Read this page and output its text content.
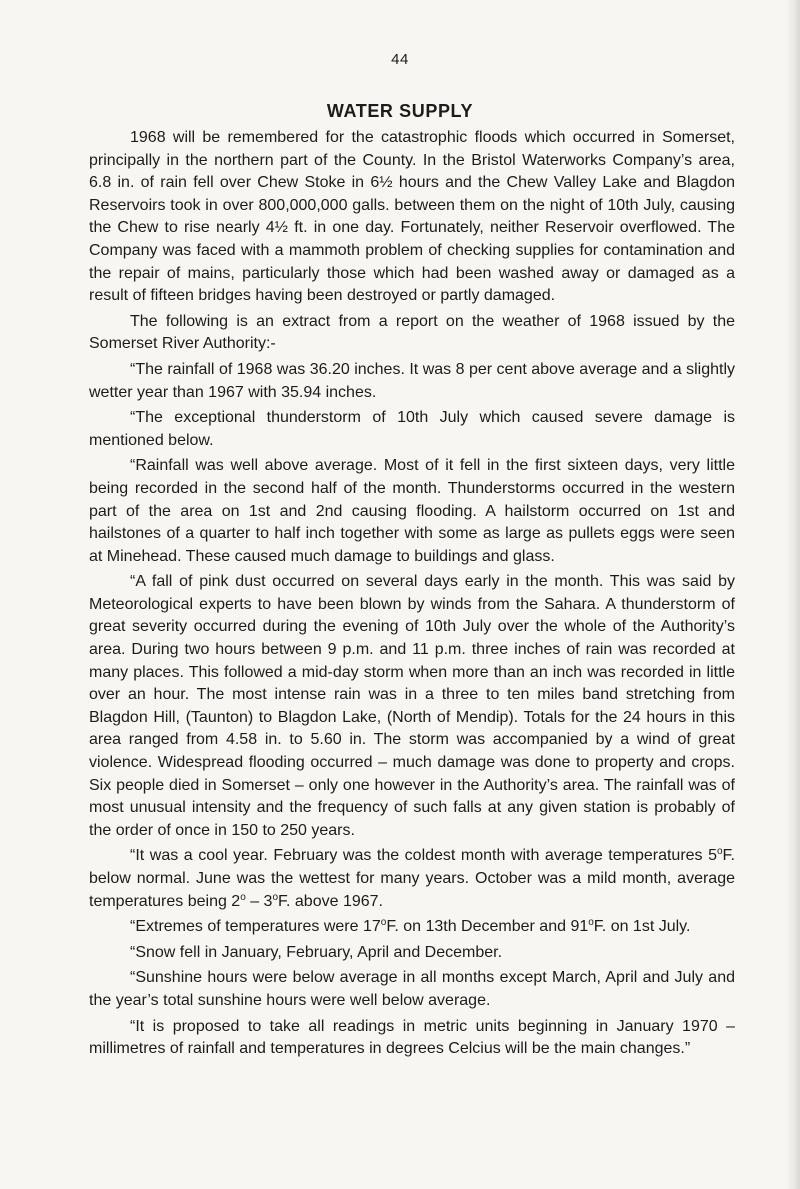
44
WATER SUPPLY

1968 will be remembered for the catastrophic floods which occurred in Somerset, principally in the northern part of the County. In the Bristol Waterworks Company’s area, 6.8 in. of rain fell over Chew Stoke in 6½ hours and the Chew Valley Lake and Blagdon Reservoirs took in over 800,000,000 galls. between them on the night of 10th July, causing the Chew to rise nearly 4½ ft. in one day. Fortunately, neither Reservoir overflowed. The Company was faced with a mammoth problem of checking supplies for contamination and the repair of mains, particularly those which had been washed away or damaged as a result of fifteen bridges having been destroyed or partly damaged.

The following is an extract from a report on the weather of 1968 issued by the Somerset River Authority:-

“The rainfall of 1968 was 36.20 inches. It was 8 per cent above average and a slightly wetter year than 1967 with 35.94 inches.

“The exceptional thunderstorm of 10th July which caused severe damage is mentioned below.

“Rainfall was well above average. Most of it fell in the first sixteen days, very little being recorded in the second half of the month. Thunderstorms occurred in the western part of the area on 1st and 2nd causing flooding. A hailstorm occurred on 1st and hailstones of a quarter to half inch together with some as large as pullets eggs were seen at Minehead. These caused much damage to buildings and glass.

“A fall of pink dust occurred on several days early in the month. This was said by Meteorological experts to have been blown by winds from the Sahara. A thunderstorm of great severity occurred during the evening of 10th July over the whole of the Authority’s area. During two hours between 9 p.m. and 11 p.m. three inches of rain was recorded at many places. This followed a mid-day storm when more than an inch was recorded in little over an hour. The most intense rain was in a three to ten miles band stretching from Blagdon Hill, (Taunton) to Blagdon Lake, (North of Mendip). Totals for the 24 hours in this area ranged from 4.58 in. to 5.60 in. The storm was accompanied by a wind of great violence. Widespread flooding occurred – much damage was done to property and crops. Six people died in Somerset – only one however in the Authority’s area. The rainfall was of most unusual intensity and the frequency of such falls at any given station is probably of the order of once in 150 to 250 years.

“It was a cool year. February was the coldest month with average temperatures 5$^o$F. below normal. June was the wettest for many years. October was a mild month, average temperatures being 2$^o$ – 3$^o$F. above 1967.

“Extremes of temperatures were 17$^o$F. on 13th December and 91$^o$F. on 1st July.

“Snow fell in January, February, April and December.

“Sunshine hours were below average in all months except March, April and July and the year’s total sunshine hours were well below average.

“It is proposed to take all readings in metric units beginning in January 1970 – millimetres of rainfall and temperatures in degrees Celcius will be the main changes.”
